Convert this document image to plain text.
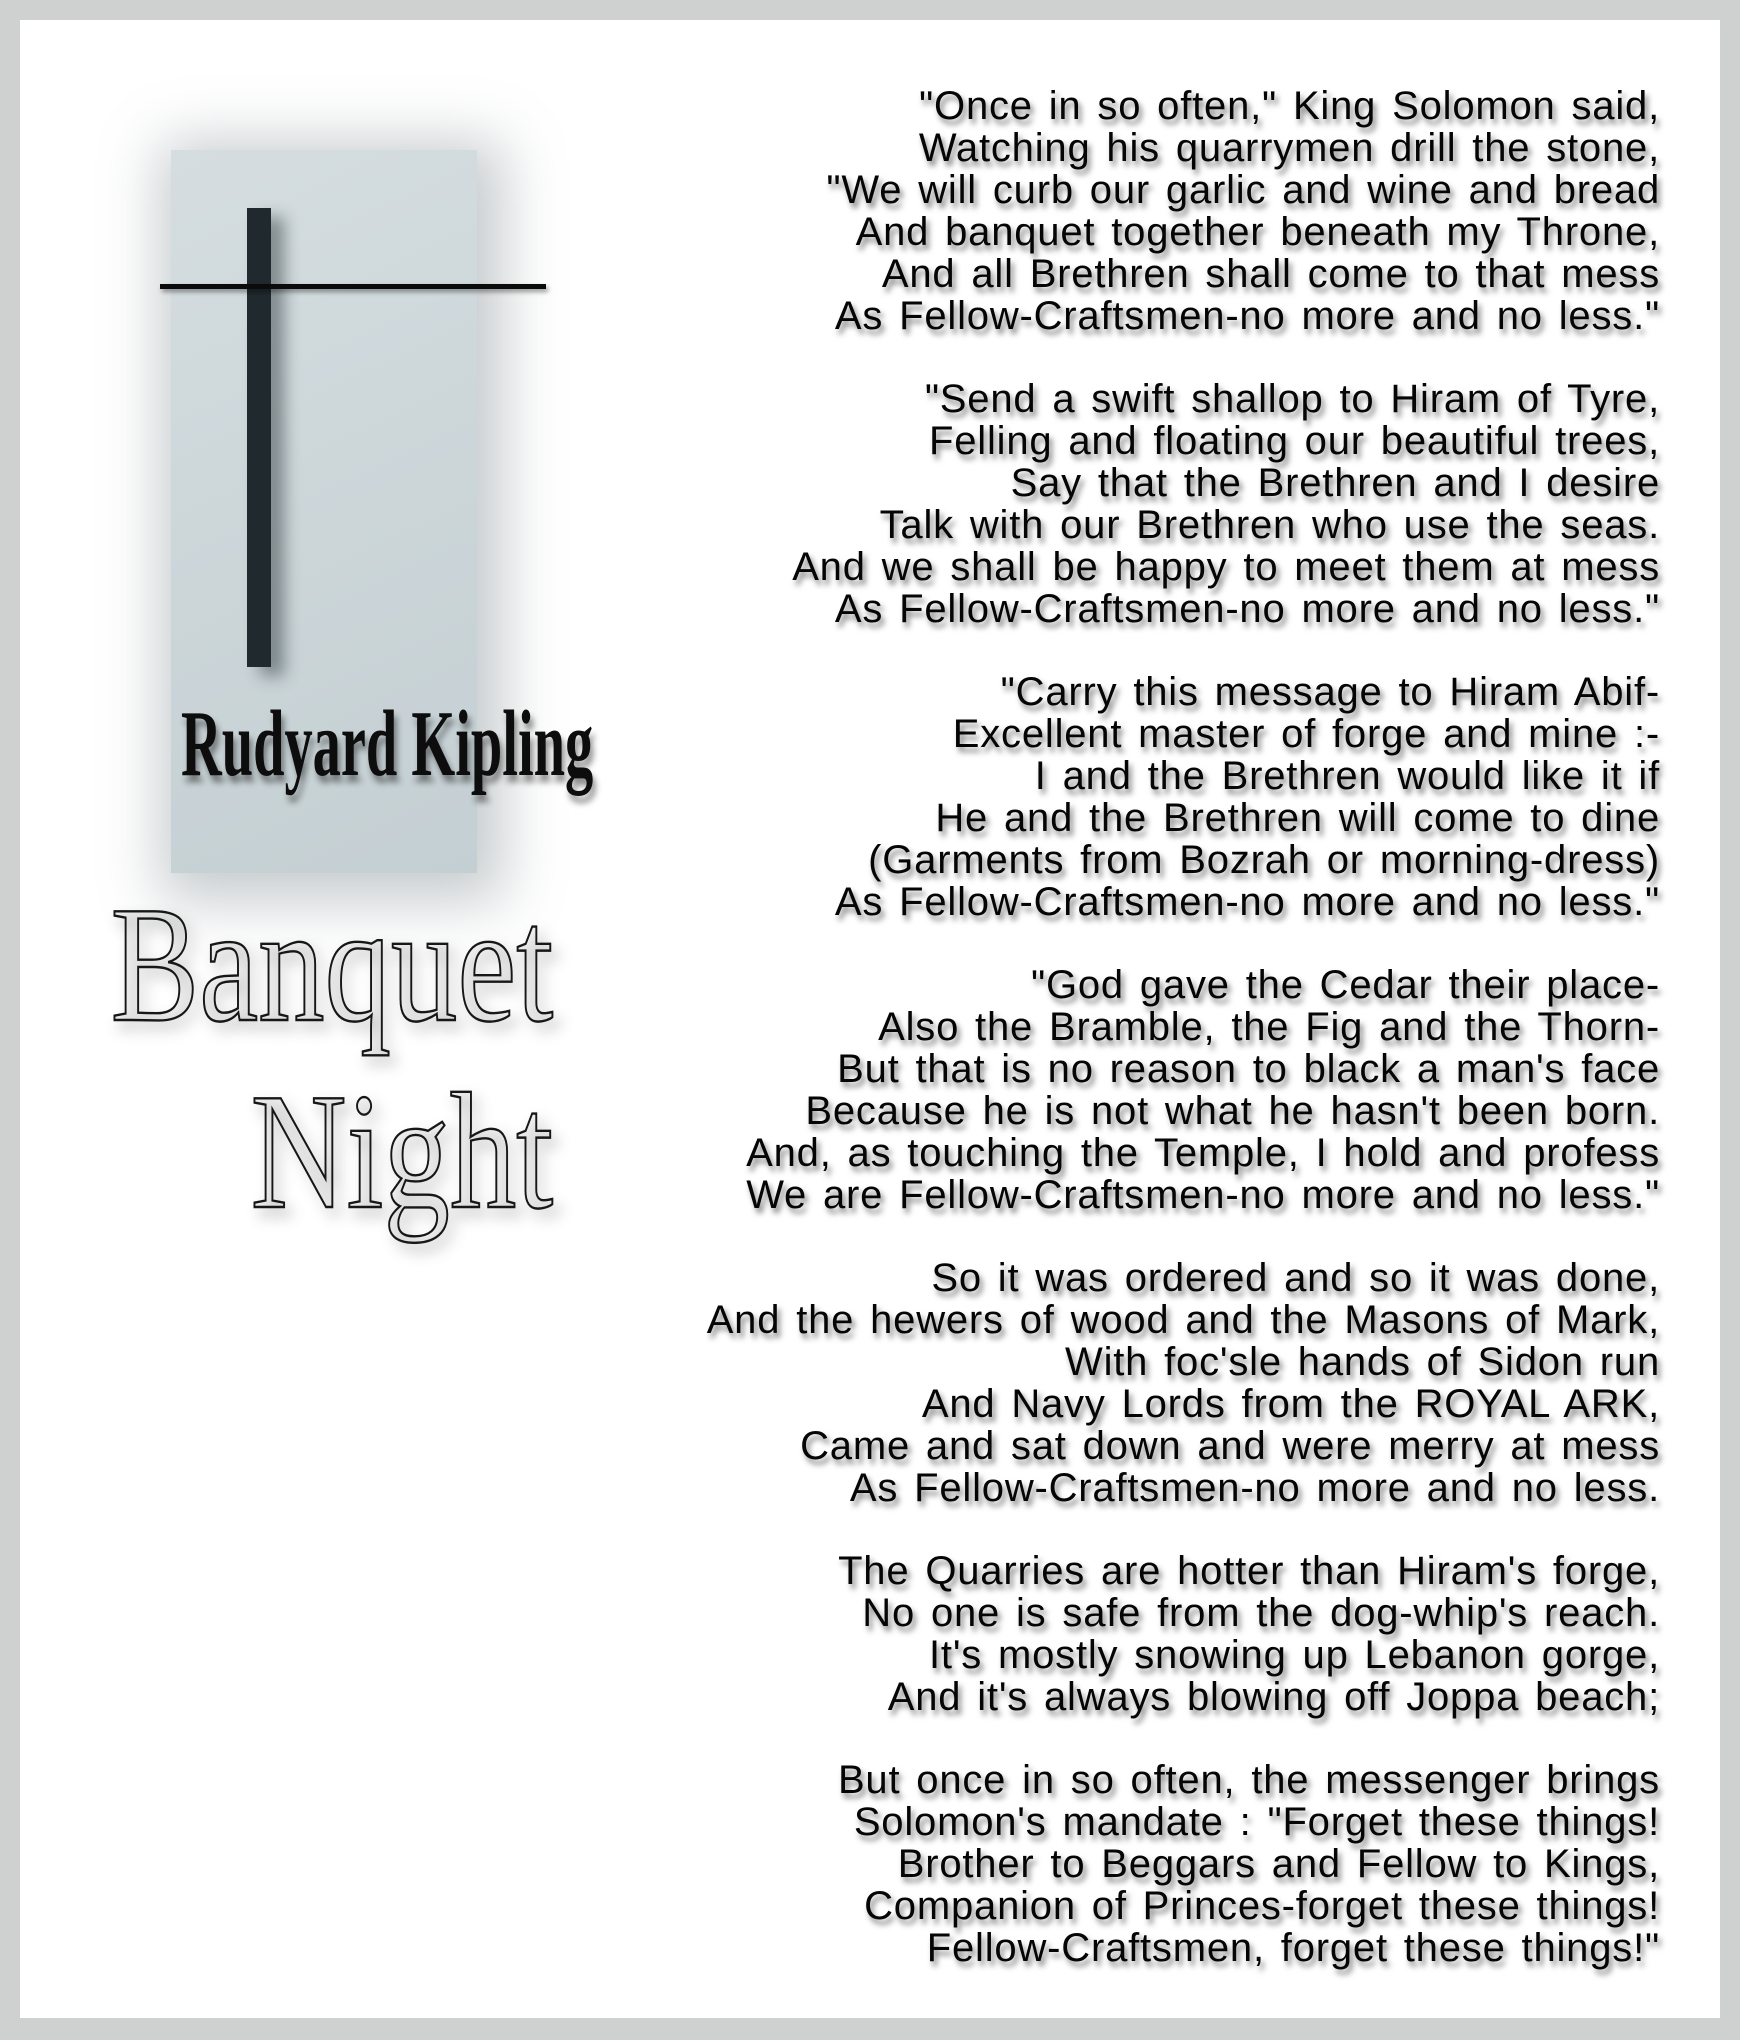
Rudyard Kipling
Banquet
Night
"Once in so often," King Solomon said,
Watching his quarrymen drill the stone,
"We will curb our garlic and wine and bread
And banquet together beneath my Throne,
And all Brethren shall come to that mess
As Fellow-Craftsmen-no more and no less."
"Send a swift shallop to Hiram of Tyre,
Felling and floating our beautiful trees,
Say that the Brethren and I desire
Talk with our Brethren who use the seas.
And we shall be happy to meet them at mess
As Fellow-Craftsmen-no more and no less."
"Carry this message to Hiram Abif-
Excellent master of forge and mine :-
I and the Brethren would like it if
He and the Brethren will come to dine
(Garments from Bozrah or morning-dress)
As Fellow-Craftsmen-no more and no less."
"God gave the Cedar their place-
Also the Bramble, the Fig and the Thorn-
But that is no reason to black a man's face
Because he is not what he hasn't been born.
And, as touching the Temple, I hold and profess
We are Fellow-Craftsmen-no more and no less."
So it was ordered and so it was done,
And the hewers of wood and the Masons of Mark,
With foc'sle hands of Sidon run
And Navy Lords from the ROYAL ARK,
Came and sat down and were merry at mess
As Fellow-Craftsmen-no more and no less.
The Quarries are hotter than Hiram's forge,
No one is safe from the dog-whip's reach.
It's mostly snowing up Lebanon gorge,
And it's always blowing off Joppa beach;
But once in so often, the messenger brings
Solomon's mandate : "Forget these things!
Brother to Beggars and Fellow to Kings,
Companion of Princes-forget these things!
Fellow-Craftsmen, forget these things!"
